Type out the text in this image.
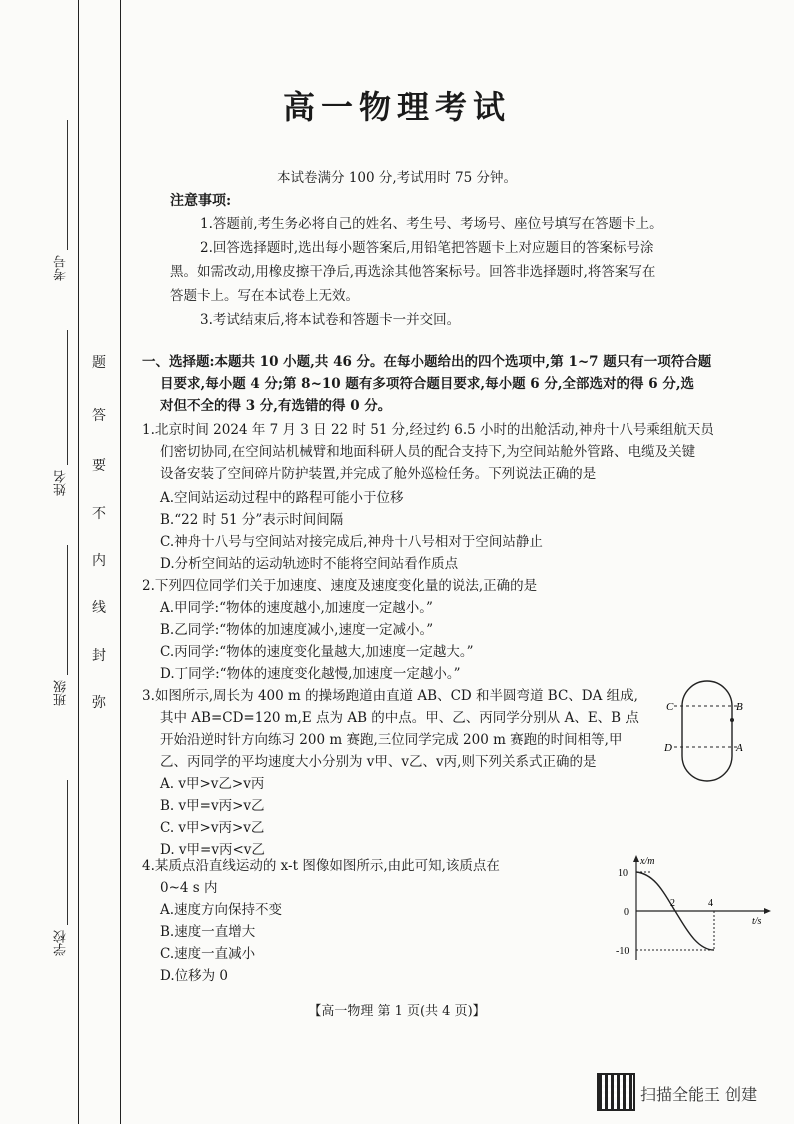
考号
姓名
班级
学校
题
答
要
不
内
线
封
弥
高一物理考试
本试卷满分 100 分,考试用时 75 分钟。
注意事项:
1.答题前,考生务必将自己的姓名、考生号、考场号、座位号填写在答题卡上。
2.回答选择题时,选出每小题答案后,用铅笔把答题卡上对应题目的答案标号涂
黑。如需改动,用橡皮擦干净后,再选涂其他答案标号。回答非选择题时,将答案写在
答题卡上。写在本试卷上无效。
3.考试结束后,将本试卷和答题卡一并交回。
一、选择题:本题共 10 小题,共 46 分。在每小题给出的四个选项中,第 1~7 题只有一项符合题
目要求,每小题 4 分;第 8~10 题有多项符合题目要求,每小题 6 分,全部选对的得 6 分,选
对但不全的得 3 分,有选错的得 0 分。
1.北京时间 2024 年 7 月 3 日 22 时 51 分,经过约 6.5 小时的出舱活动,神舟十八号乘组航天员
们密切协同,在空间站机械臂和地面科研人员的配合支持下,为空间站舱外管路、电缆及关键
设备安装了空间碎片防护装置,并完成了舱外巡检任务。下列说法正确的是
A.空间站运动过程中的路程可能小于位移
B.“22 时 51 分”表示时间间隔
C.神舟十八号与空间站对接完成后,神舟十八号相对于空间站静止
D.分析空间站的运动轨迹时不能将空间站看作质点
2.下列四位同学们关于加速度、速度及速度变化量的说法,正确的是
A.甲同学:“物体的速度越小,加速度一定越小。”
B.乙同学:“物体的加速度减小,速度一定减小。”
C.丙同学:“物体的速度变化量越大,加速度一定越大。”
D.丁同学:“物体的速度变化越慢,加速度一定越小。”
3.如图所示,周长为 400 m 的操场跑道由直道 AB、CD 和半圆弯道 BC、DA 组成,
其中 AB=CD=120 m,E 点为 AB 的中点。甲、乙、丙同学分别从 A、E、B 点
开始沿逆时针方向练习 200 m 赛跑,三位同学完成 200 m 赛跑的时间相等,甲
乙、丙同学的平均速度大小分别为 v甲、v乙、v丙,则下列关系式正确的是
A. v甲>v乙>v丙
B. v甲=v丙>v乙
C. v甲>v丙>v乙
D. v甲=v丙<v乙
C	B
D	A
4.某质点沿直线运动的 x-t 图像如图所示,由此可知,该质点在
0~4 s 内
A.速度方向保持不变
B.速度一直增大
C.速度一直减小
D.位移为 0
x/m
t/s
10
0
-10
2	4
【高一物理 第 1 页(共 4 页)】
扫描全能王 创建
